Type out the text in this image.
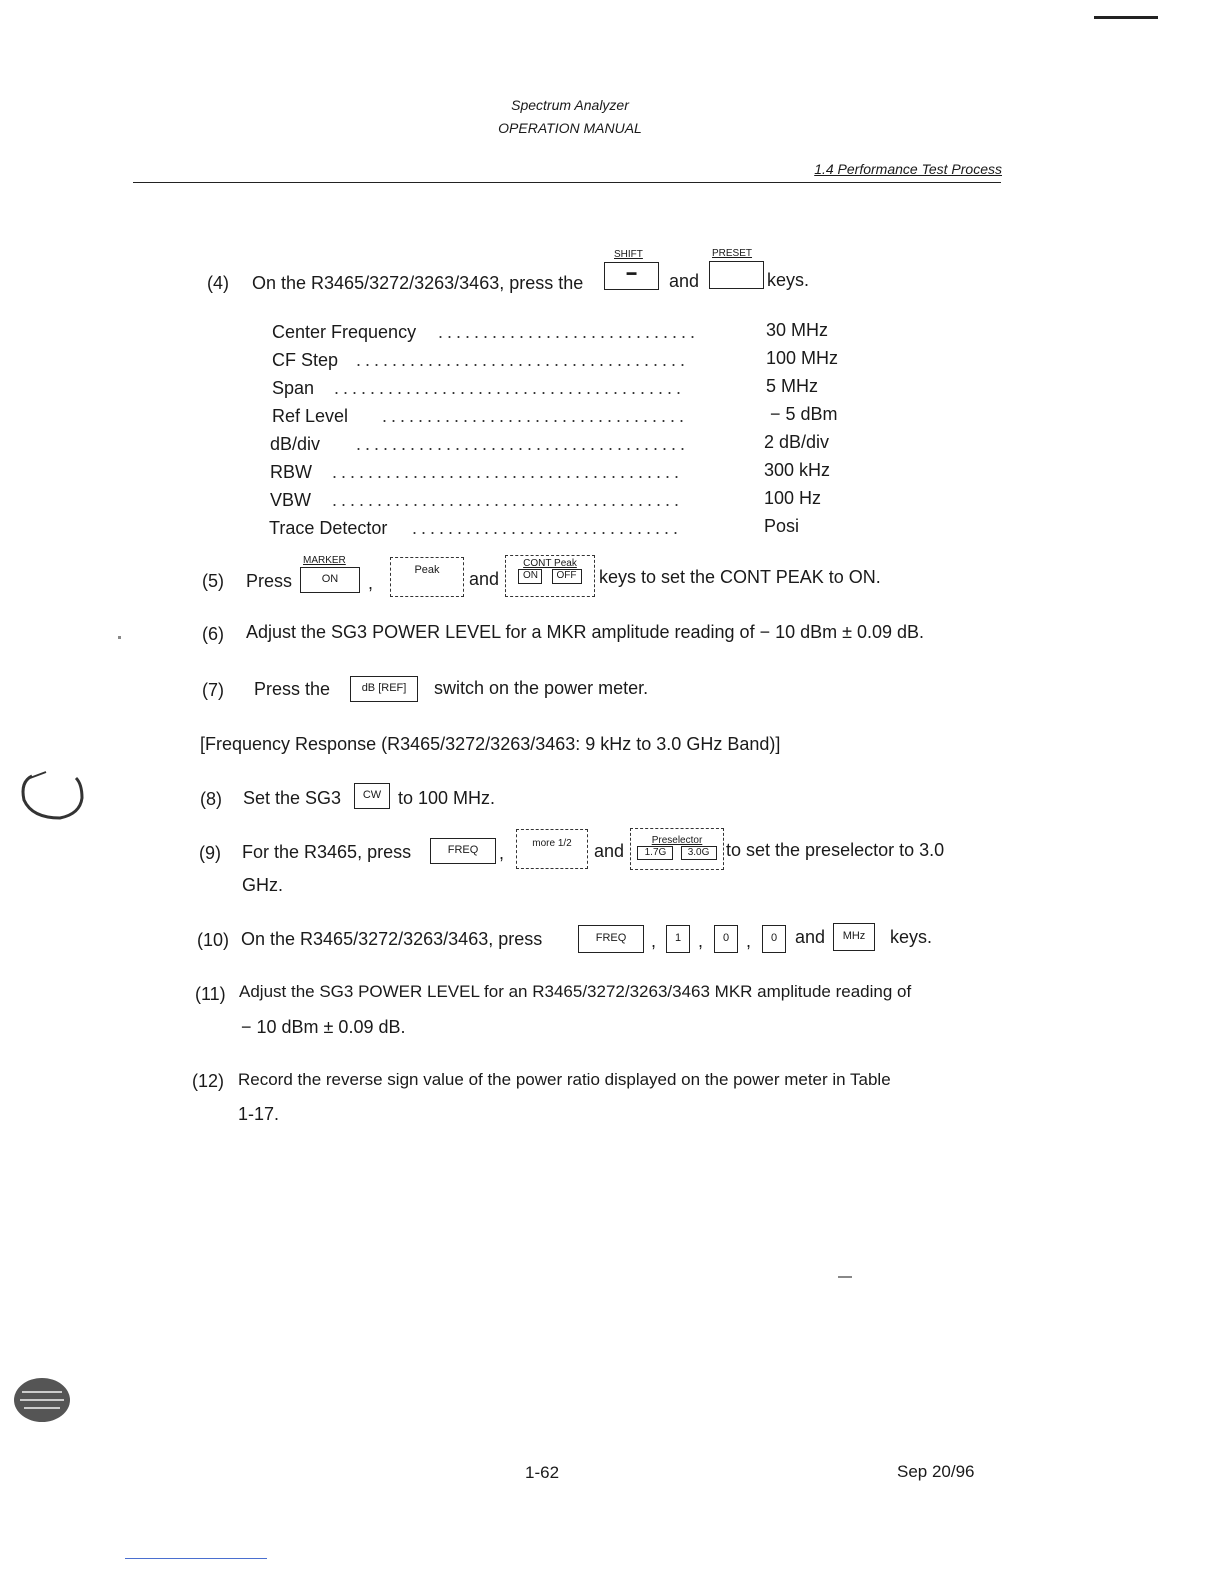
Spectrum Analyzer
OPERATION MANUAL
1.4 Performance Test Process
(4) On the R3465/3272/3263/3463, press the
SHIFT
━	and
PRESET
keys.
Center Frequency .............................	30 MHz
CF Step .....................................	100 MHz
Span .......................................	5 MHz
Ref Level ..................................	− 5 dBm
dB/div .....................................	2 dB/div
RBW .......................................	300 kHz
VBW .......................................	100 Hz
Trace Detector ..............................	Posi
(5) Press
MARKER
ON	,
Peak	and
CONT Peak
ON OFF	keys to set the CONT PEAK to ON.
(6) Adjust the SG3 POWER LEVEL for a MKR amplitude reading of − 10 dBm ± 0.09 dB.
(7) Press the	dB [REF]	switch on the power meter.
[Frequency Response (R3465/3272/3263/3463: 9 kHz to 3.0 GHz Band)]
(8) Set the SG3	CW to 100 MHz.
(9) For the R3465, press	FREQ	,	more 1/2	and
Preselector
1.7G 3.0G to set the preselector to 3.0
GHz.
(10) On the R3465/3272/3263/3463, press	FREQ	,	1 ,	0 ,	0 and	MHz	keys.
(11) Adjust the SG3 POWER LEVEL for an R3465/3272/3263/3463 MKR amplitude reading of
− 10 dBm ± 0.09 dB.
(12) Record the reverse sign value of the power ratio displayed on the power meter in Table
1-17.
1-62	Sep 20/96
